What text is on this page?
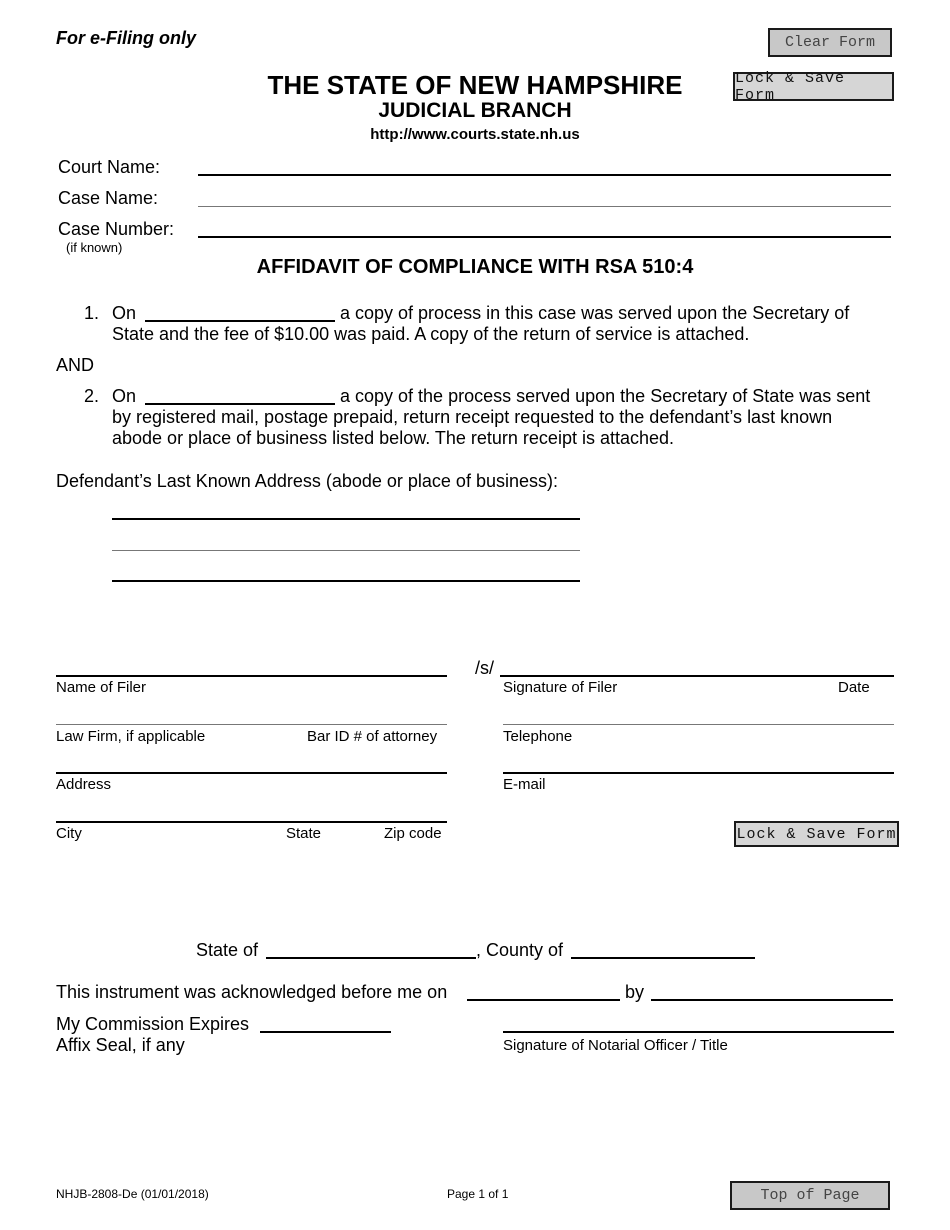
For e-Filing only	Clear Form
Lock & Save Form
THE STATE OF NEW HAMPSHIRE
JUDICIAL BRANCH
http://www.courts.state.nh.us
Court Name:
Case Name:
Case Number:
(if known)
AFFIDAVIT OF COMPLIANCE WITH RSA 510:4
1. On	a copy of process in this case was served upon the Secretary of
State and the fee of $10.00 was paid. A copy of the return of service is attached.
AND
2. On	a copy of the process served upon the Secretary of State was sent
by registered mail, postage prepaid, return receipt requested to the defendant’s last known
abode or place of business listed below. The return receipt is attached.
Defendant’s Last Known Address (abode or place of business):
/s/
Name of Filer	Signature of Filer	Date
Law Firm, if applicable	Bar ID # of attorney	Telephone
Address	E-mail
City	State	Zip code	Lock & Save Form
State of	, County of
This instrument was acknowledged before me on	by
My Commission Expires
Affix Seal, if any	Signature of Notarial Officer / Title
NHJB-2808-De (01/01/2018)	Page 1 of 1	Top of Page
